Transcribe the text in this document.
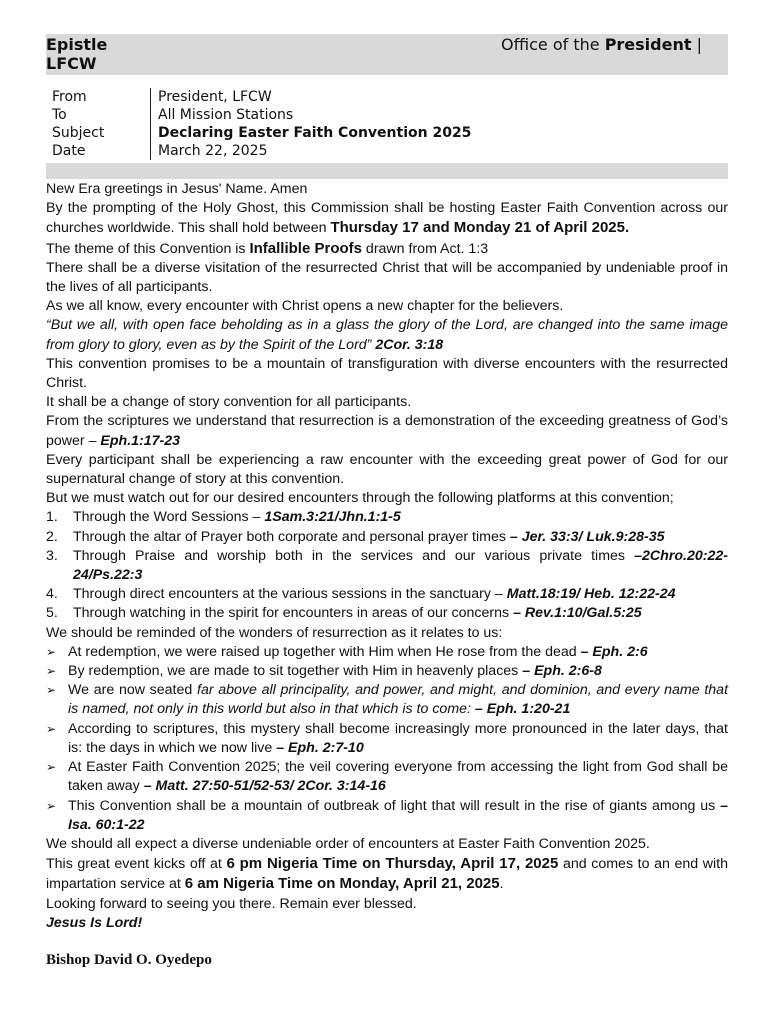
Epistle
LFCW
Office of the President |
From	President, LFCW
To	All Mission Stations
Subject	Declaring Easter Faith Convention 2025
Date	March 22, 2025

New Era greetings in Jesus' Name. Amen

By the prompting of the Holy Ghost, this Commission shall be hosting Easter Faith Convention across our churches worldwide. This shall hold between Thursday 17 and Monday 21 of April 2025.

The theme of this Convention is Infallible Proofs drawn from Act. 1:3

There shall be a diverse visitation of the resurrected Christ that will be accompanied by undeniable proof in the lives of all participants.

As we all know, every encounter with Christ opens a new chapter for the believers.

“But we all, with open face beholding as in a glass the glory of the Lord, are changed into the same image from glory to glory, even as by the Spirit of the Lord” 2Cor. 3:18

This convention promises to be a mountain of transfiguration with diverse encounters with the resurrected Christ.

It shall be a change of story convention for all participants.

From the scriptures we understand that resurrection is a demonstration of the exceeding greatness of God’s power – Eph.1:17-23

Every participant shall be experiencing a raw encounter with the exceeding great power of God for our supernatural change of story at this convention.

But we must watch out for our desired encounters through the following platforms at this convention;

1.	Through the Word Sessions – 1Sam.3:21/Jhn.1:1-5
2.	Through the altar of Prayer both corporate and personal prayer times – Jer. 33:3/ Luk.9:28-35
3.	Through Praise and worship both in the services and our various private times –2Chro.20:22-24/Ps.22:3
4.	Through direct encounters at the various sessions in the sanctuary – Matt.18:19/ Heb. 12:22-24
5.	Through watching in the spirit for encounters in areas of our concerns – Rev.1:10/Gal.5:25

We should be reminded of the wonders of resurrection as it relates to us:

➢ At redemption, we were raised up together with Him when He rose from the dead – Eph. 2:6
➢ By redemption, we are made to sit together with Him in heavenly places – Eph. 2:6-8
➢ We are now seated far above all principality, and power, and might, and dominion, and every name that is named, not only in this world but also in that which is to come: – Eph. 1:20-21
➢ According to scriptures, this mystery shall become increasingly more pronounced in the later days, that is: the days in which we now live – Eph. 2:7-10
➢ At Easter Faith Convention 2025; the veil covering everyone from accessing the light from God shall be taken away – Matt. 27:50-51/52-53/ 2Cor. 3:14-16
➢ This Convention shall be a mountain of outbreak of light that will result in the rise of giants among us – Isa. 60:1-22

We should all expect a diverse undeniable order of encounters at Easter Faith Convention 2025.

This great event kicks off at 6 pm Nigeria Time on Thursday, April 17, 2025 and comes to an end with impartation service at 6 am Nigeria Time on Monday, April 21, 2025.

Looking forward to seeing you there. Remain ever blessed.

Jesus Is Lord!

Bishop David O. Oyedepo
